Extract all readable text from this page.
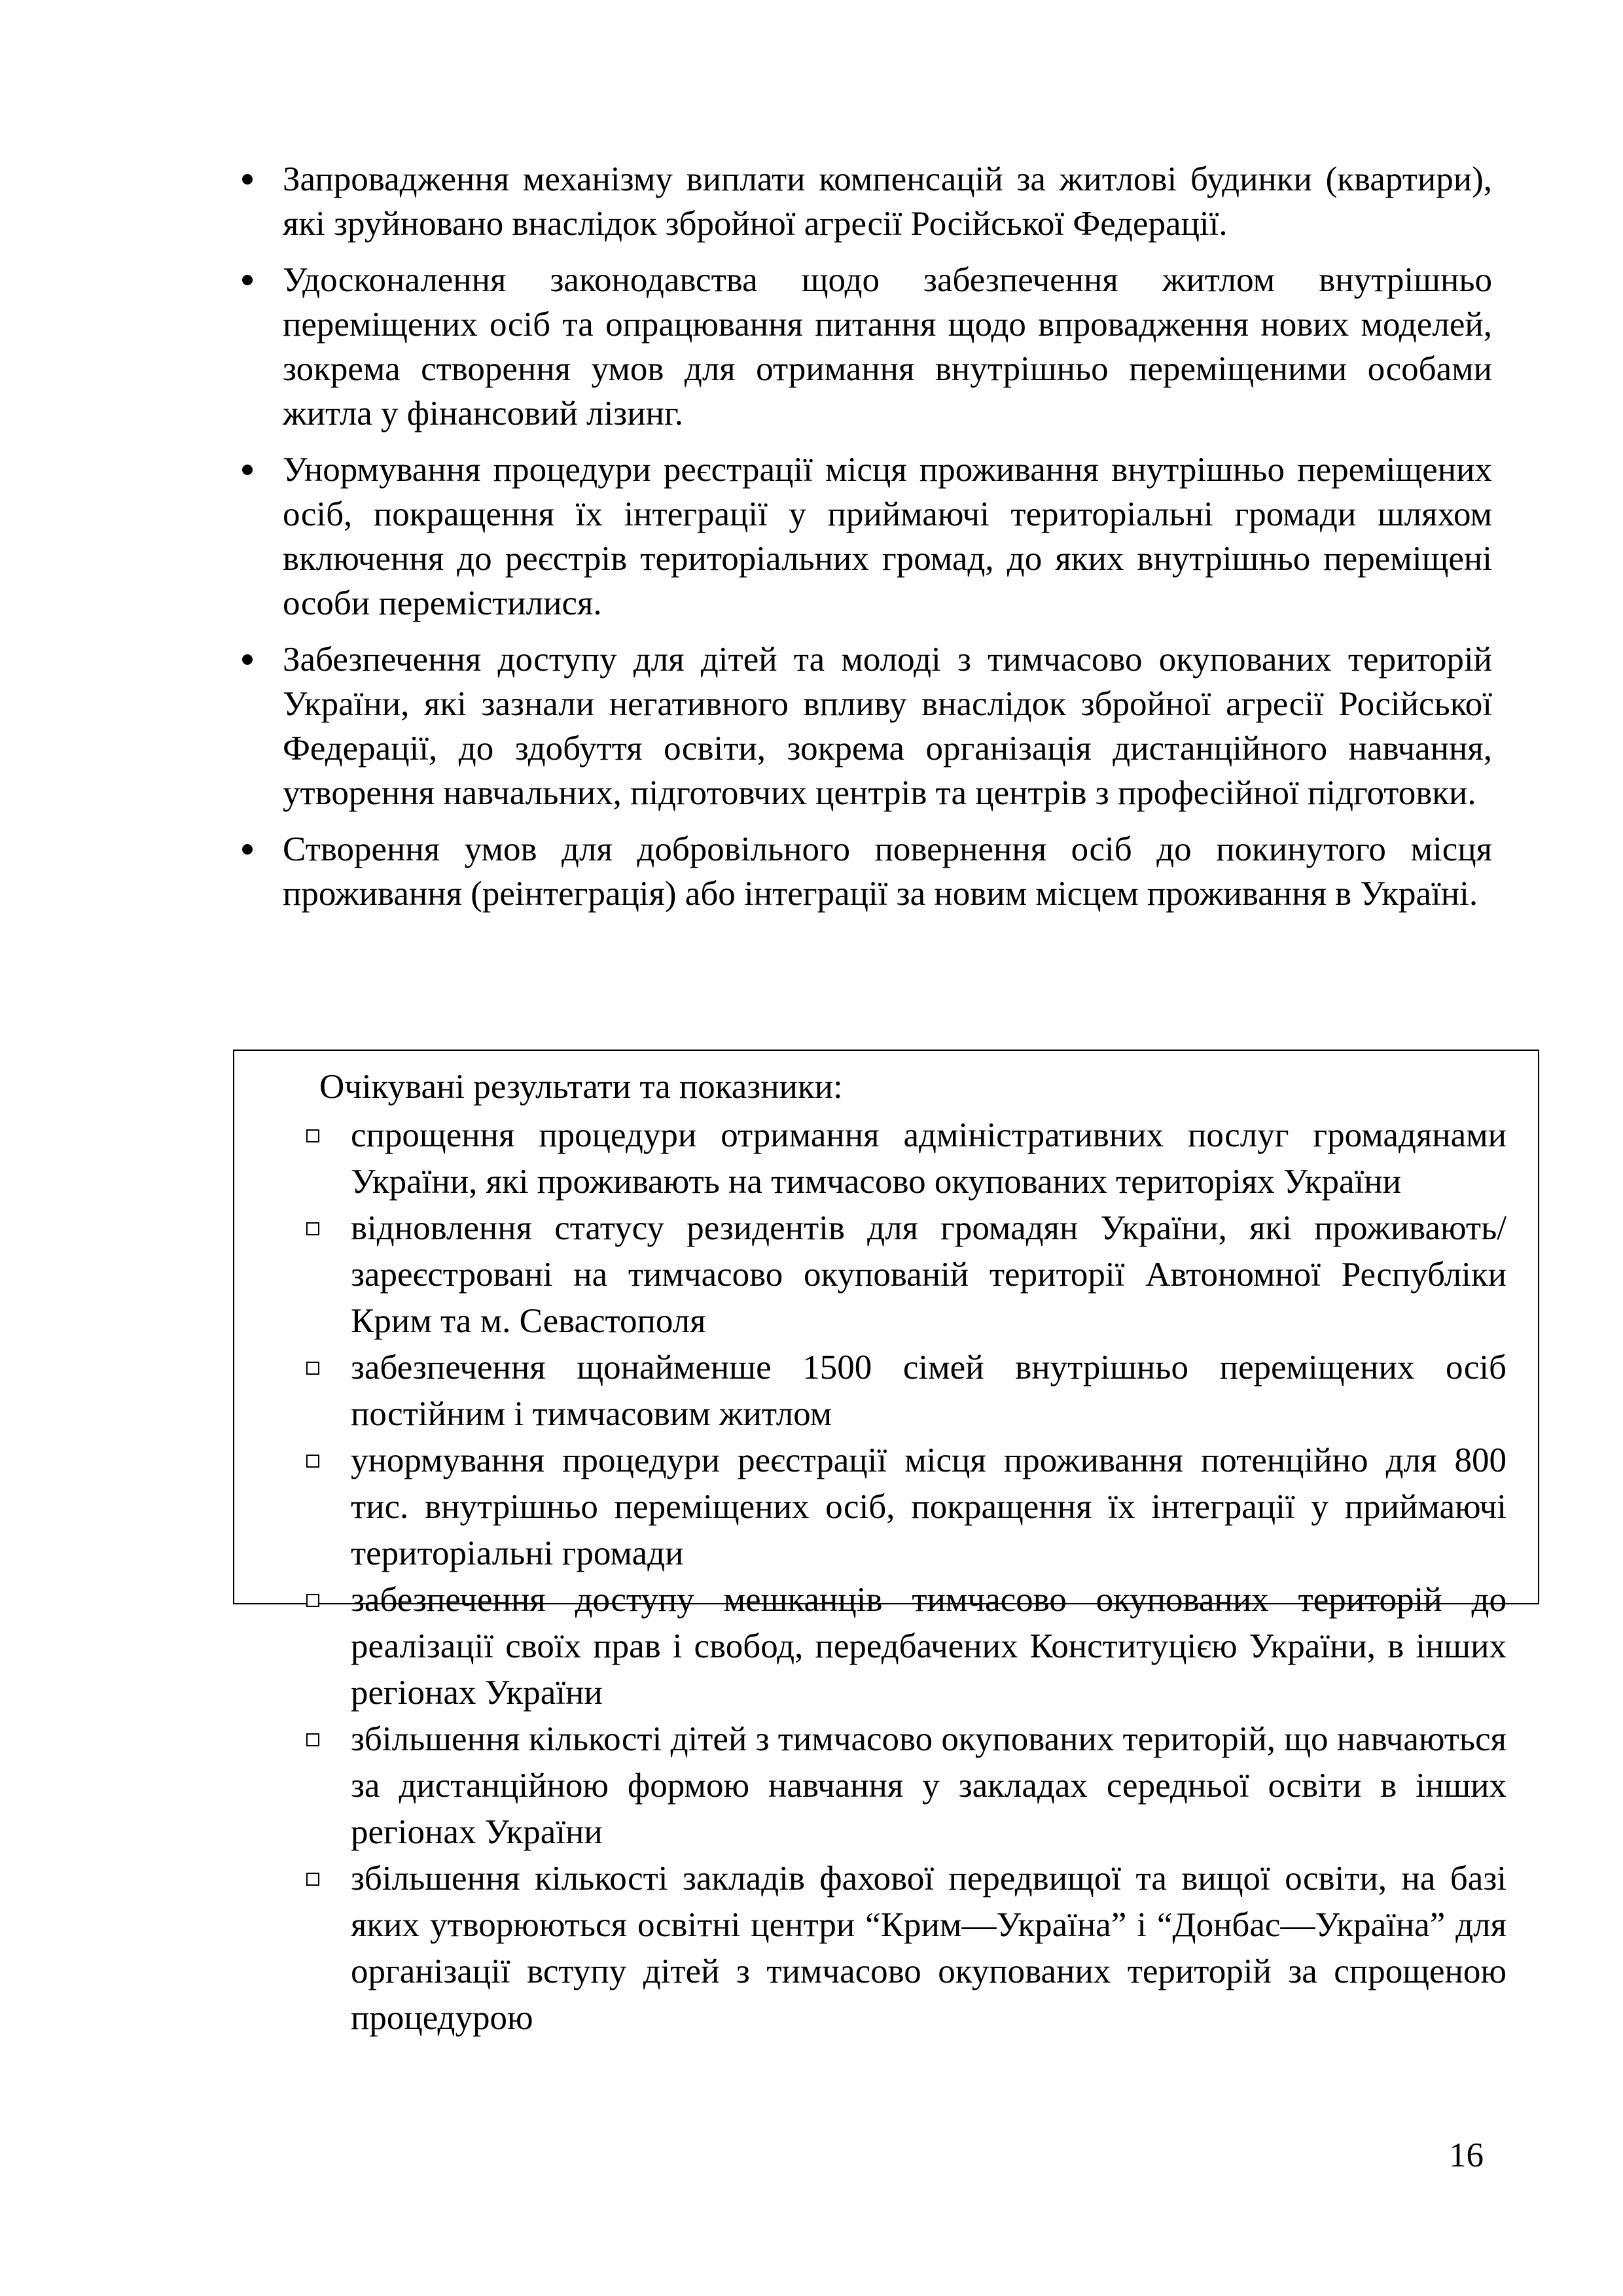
Запровадження механізму виплати компенсацій за житлові будинки (квартири), які зруйновано внаслідок збройної агресії Російської Федерації.
Удосконалення законодавства щодо забезпечення житлом внутрішньо переміщених осіб та опрацювання питання щодо впровадження нових моделей, зокрема створення умов для отримання внутрішньо переміщеними особами житла у фінансовий лізинг.
Унормування процедури реєстрації місця проживання внутрішньо переміщених осіб, покращення їх інтеграції у приймаючі територіальні громади шляхом включення до реєстрів територіальних громад, до яких внутрішньо переміщені особи перемістилися.
Забезпечення доступу для дітей та молоді з тимчасово окупованих територій України, які зазнали негативного впливу внаслідок збройної агресії Російської Федерації, до здобуття освіти, зокрема організація дистанційного навчання, утворення навчальних, підготовчих центрів та центрів з професійної підготовки.
Створення умов для добровільного повернення осіб до покинутого місця проживання (реінтеграція) або інтеграції за новим місцем проживання в Україні.
Очікувані результати та показники:
спрощення процедури отримання адміністративних послуг громадянами України, які проживають на тимчасово окупованих територіях України
відновлення статусу резидентів для громадян України, які проживають/зареєстровані на тимчасово окупованій території Автономної Республіки Крим та м. Севастополя
забезпечення щонайменше 1500 сімей внутрішньо переміщених осіб постійним і тимчасовим житлом
унормування процедури реєстрації місця проживання потенційно для 800 тис. внутрішньо переміщених осіб, покращення їх інтеграції у приймаючі територіальні громади
забезпечення доступу мешканців тимчасово окупованих територій до реалізації своїх прав і свобод, передбачених Конституцією України, в інших регіонах України
збільшення кількості дітей з тимчасово окупованих територій, що навчаються за дистанційною формою навчання у закладах середньої освіти в інших регіонах України
збільшення кількості закладів фахової передвищої та вищої освіти, на базі яких утворюються освітні центри “Крим—Україна” і “Донбас—Україна” для організації вступу дітей з тимчасово окупованих територій за спрощеною процедурою
16
